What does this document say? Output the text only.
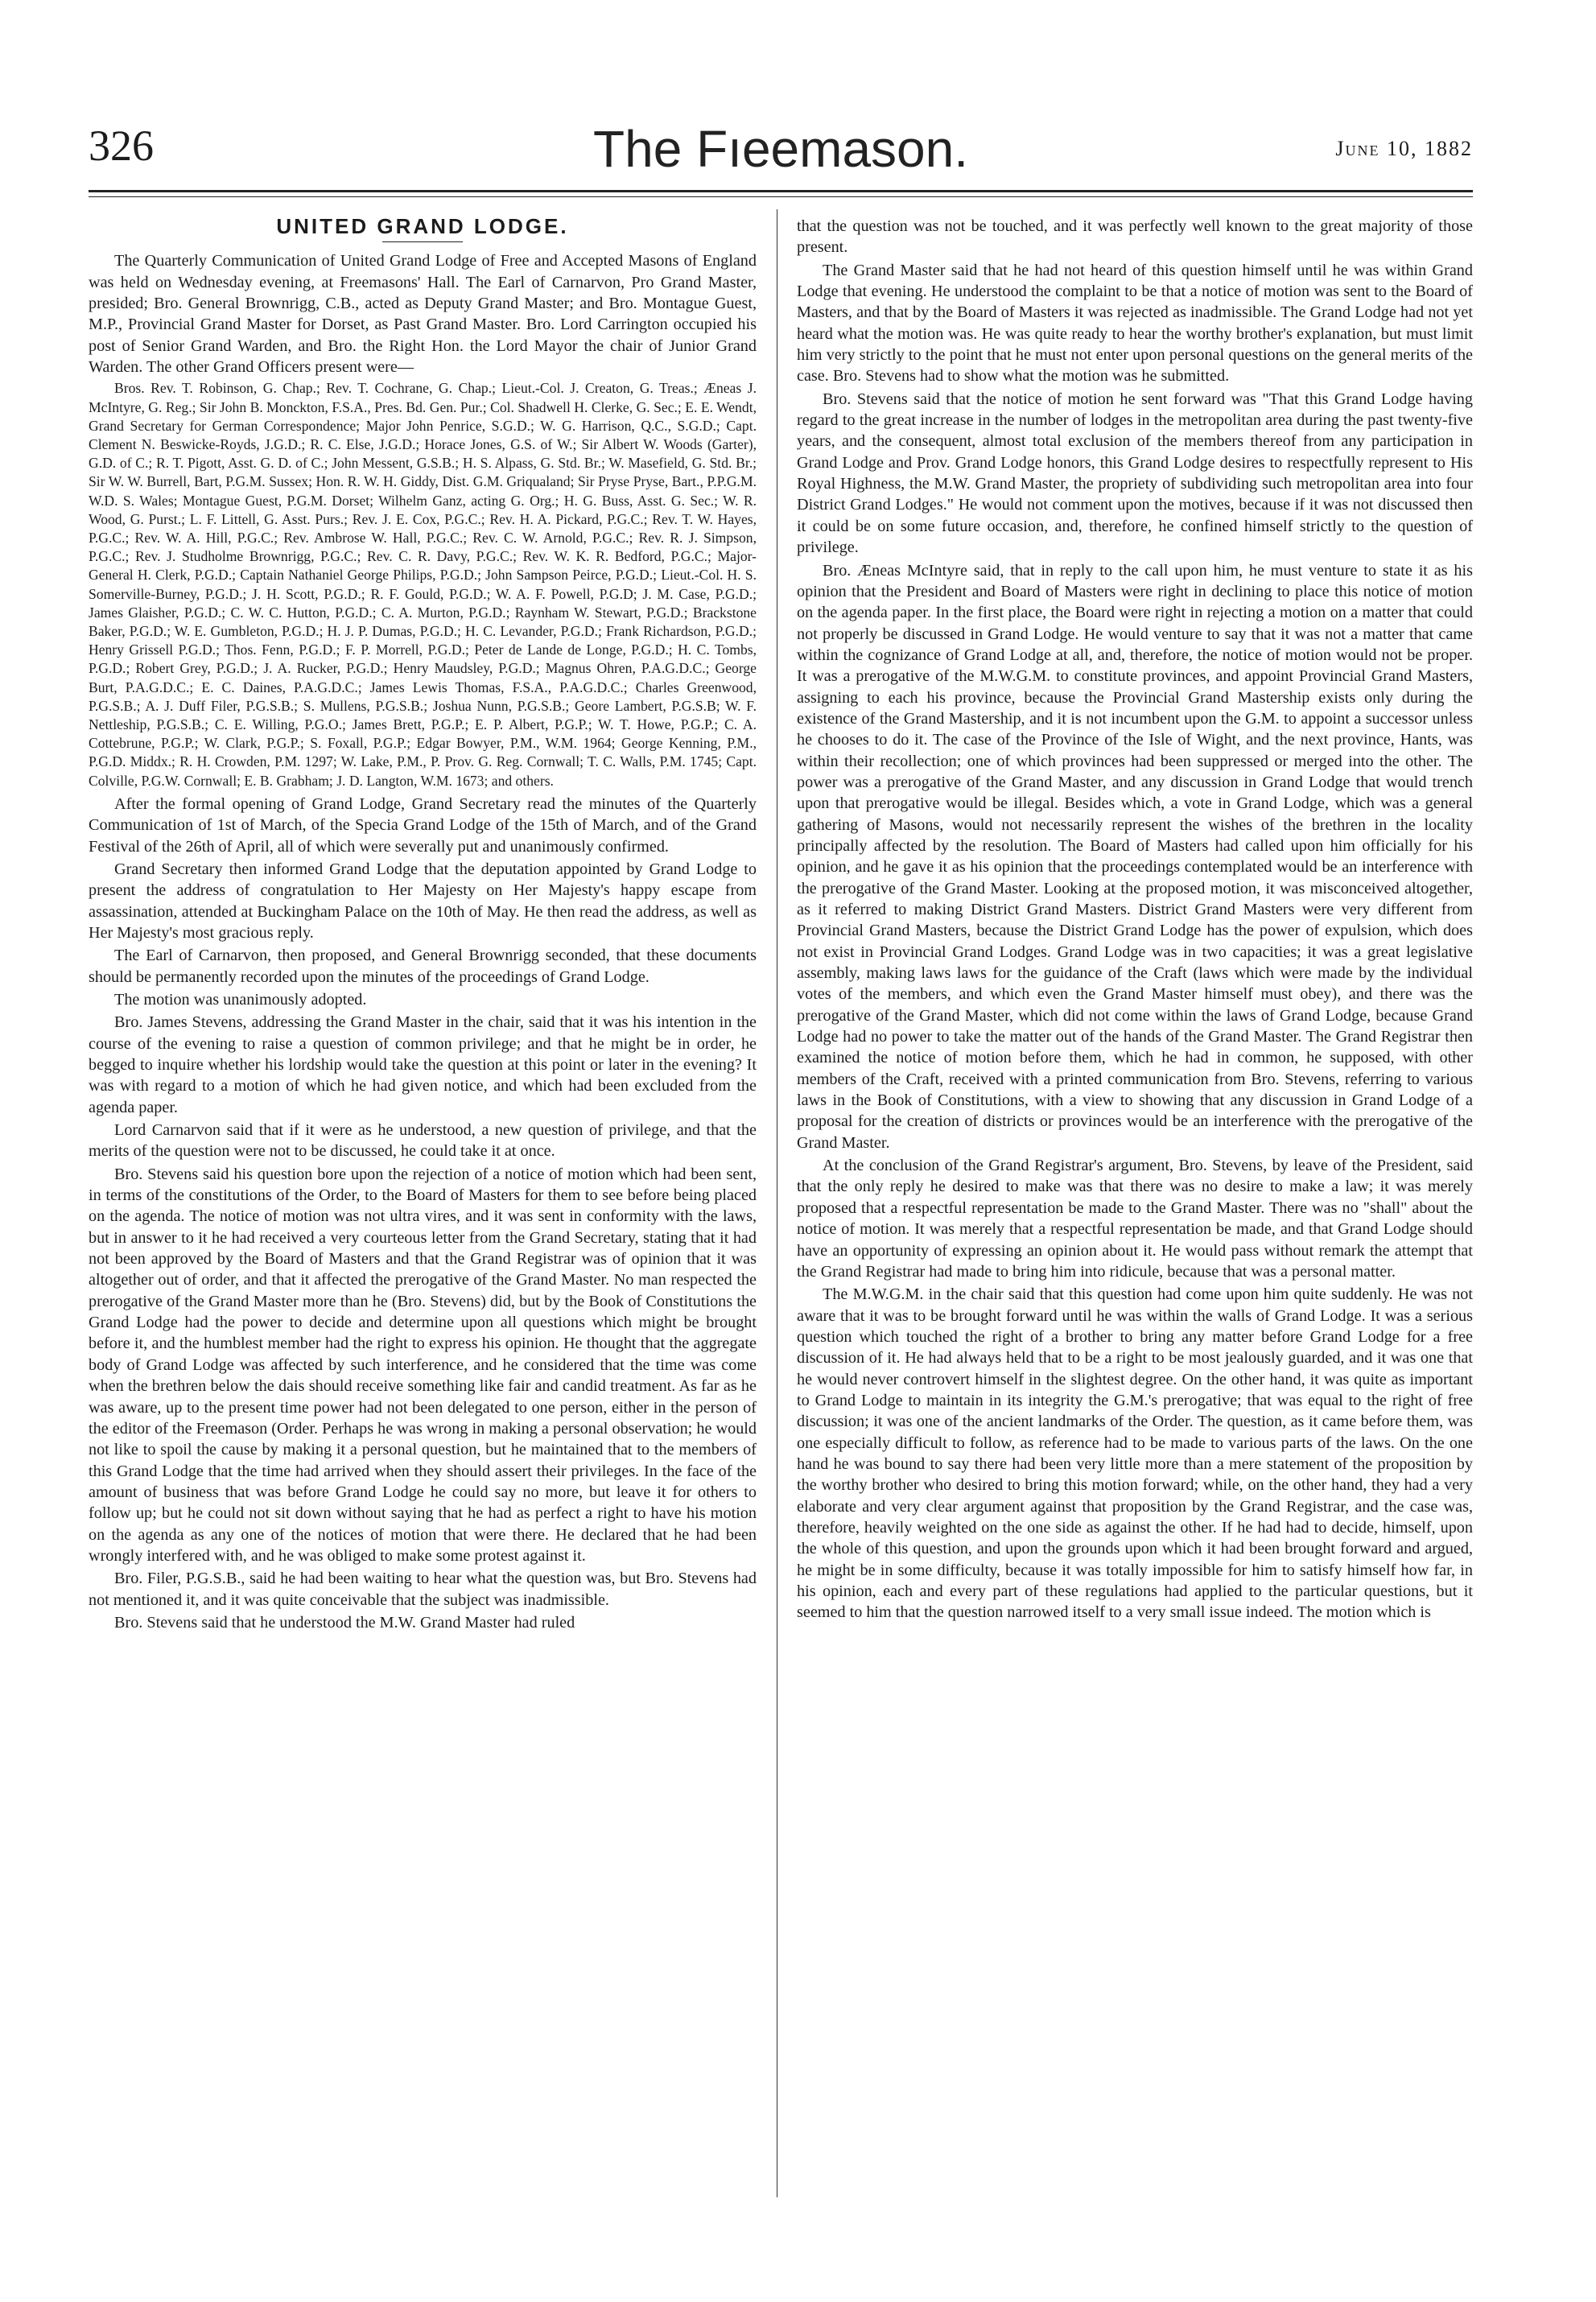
326	The Fıeemason.	June 10, 1882
UNITED GRAND LODGE.

The Quarterly Communication of United Grand Lodge of Free and Accepted Masons of England was held on Wednesday evening, at Freemasons' Hall. The Earl of Carnarvon, Pro Grand Master, presided; Bro. General Brownrigg, C.B., acted as Deputy Grand Master; and Bro. Montague Guest, M.P., Provincial Grand Master for Dorset, as Past Grand Master. Bro. Lord Carrington occupied his post of Senior Grand Warden, and Bro. the Right Hon. the Lord Mayor the chair of Junior Grand Warden. The other Grand Officers present were—

Bros. Rev. T. Robinson, G. Chap.; Rev. T. Cochrane, G. Chap.; Lieut.-Col. J. Creaton, G. Treas.; Æneas J. McIntyre, G. Reg.; Sir John B. Monckton, F.S.A., Pres. Bd. Gen. Pur.; Col. Shadwell H. Clerke, G. Sec.; E. E. Wendt, Grand Secretary for German Correspondence; Major John Penrice, S.G.D.; W. G. Harrison, Q.C., S.G.D.; Capt. Clement N. Beswicke-Royds, J.G.D.; R. C. Else, J.G.D.; Horace Jones, G.S. of W.; Sir Albert W. Woods (Garter), G.D. of C.; R. T. Pigott, Asst. G. D. of C.; John Messent, G.S.B.; H. S. Alpass, G. Std. Br.; W. Masefield, G. Std. Br.; Sir W. W. Burrell, Bart, P.G.M. Sussex; Hon. R. W. H. Giddy, Dist. G.M. Griqualand; Sir Pryse Pryse, Bart., P.P.G.M. W.D. S. Wales; Montague Guest, P.G.M. Dorset; Wilhelm Ganz, acting G. Org.; H. G. Buss, Asst. G. Sec.; W. R. Wood, G. Purst.; L. F. Littell, G. Asst. Purs.; Rev. J. E. Cox, P.G.C.; Rev. H. A. Pickard, P.G.C.; Rev. T. W. Hayes, P.G.C.; Rev. W. A. Hill, P.G.C.; Rev. Ambrose W. Hall, P.G.C.; Rev. C. W. Arnold, P.G.C.; Rev. R. J. Simpson, P.G.C.; Rev. J. Studholme Brownrigg, P.G.C.; Rev. C. R. Davy, P.G.C.; Rev. W. K. R. Bedford, P.G.C.; Major-General H. Clerk, P.G.D.; Captain Nathaniel George Philips, P.G.D.; John Sampson Peirce, P.G.D.; Lieut.-Col. H. S. Somerville-Burney, P.G.D.; J. H. Scott, P.G.D.; R. F. Gould, P.G.D.; W. A. F. Powell, P.G.D; J. M. Case, P.G.D.; James Glaisher, P.G.D.; C. W. C. Hutton, P.G.D.; C. A. Murton, P.G.D.; Raynham W. Stewart, P.G.D.; Brackstone Baker, P.G.D.; W. E. Gumbleton, P.G.D.; H. J. P. Dumas, P.G.D.; H. C. Levander, P.G.D.; Frank Richardson, P.G.D.; Henry Grissell P.G.D.; Thos. Fenn, P.G.D.; F. P. Morrell, P.G.D.; Peter de Lande de Longe, P.G.D.; H. C. Tombs, P.G.D.; Robert Grey, P.G.D.; J. A. Rucker, P.G.D.; Henry Maudsley, P.G.D.; Magnus Ohren, P.A.G.D.C.; George Burt, P.A.G.D.C.; E. C. Daines, P.A.G.D.C.; James Lewis Thomas, F.S.A., P.A.G.D.C.; Charles Greenwood, P.G.S.B.; A. J. Duff Filer, P.G.S.B.; S. Mullens, P.G.S.B.; Joshua Nunn, P.G.S.B.; Geore Lambert, P.G.S.B; W. F. Nettleship, P.G.S.B.; C. E. Willing, P.G.O.; James Brett, P.G.P.; E. P. Albert, P.G.P.; W. T. Howe, P.G.P.; C. A. Cottebrune, P.G.P.; W. Clark, P.G.P.; S. Foxall, P.G.P.; Edgar Bowyer, P.M., W.M. 1964; George Kenning, P.M., P.G.D. Middx.; R. H. Crowden, P.M. 1297; W. Lake, P.M., P. Prov. G. Reg. Cornwall; T. C. Walls, P.M. 1745; Capt. Colville, P.G.W. Cornwall; E. B. Grabham; J. D. Langton, W.M. 1673; and others.

After the formal opening of Grand Lodge, Grand Secretary read the minutes of the Quarterly Communication of 1st of March, of the Specia Grand Lodge of the 15th of March, and of the Grand Festival of the 26th of April, all of which were severally put and unanimously confirmed.

Grand Secretary then informed Grand Lodge that the deputation appointed by Grand Lodge to present the address of congratulation to Her Majesty on Her Majesty's happy escape from assassination, attended at Buckingham Palace on the 10th of May. He then read the address, as well as Her Majesty's most gracious reply.

The Earl of Carnarvon, then proposed, and General Brownrigg seconded, that these documents should be permanently recorded upon the minutes of the proceedings of Grand Lodge.

The motion was unanimously adopted.

Bro. James Stevens, addressing the Grand Master in the chair, said that it was his intention in the course of the evening to raise a question of common privilege; and that he might be in order, he begged to inquire whether his lordship would take the question at this point or later in the evening? It was with regard to a motion of which he had given notice, and which had been excluded from the agenda paper.

Lord Carnarvon said that if it were as he understood, a new question of privilege, and that the merits of the question were not to be discussed, he could take it at once.

Bro. Stevens said his question bore upon the rejection of a notice of motion which had been sent, in terms of the constitutions of the Order, to the Board of Masters for them to see before being placed on the agenda. The notice of motion was not ultra vires, and it was sent in conformity with the laws, but in answer to it he had received a very courteous letter from the Grand Secretary, stating that it had not been approved by the Board of Masters and that the Grand Registrar was of opinion that it was altogether out of order, and that it affected the prerogative of the Grand Master. No man respected the prerogative of the Grand Master more than he (Bro. Stevens) did, but by the Book of Constitutions the Grand Lodge had the power to decide and determine upon all questions which might be brought before it, and the humblest member had the right to express his opinion. He thought that the aggregate body of Grand Lodge was affected by such interference, and he considered that the time was come when the brethren below the dais should receive something like fair and candid treatment. As far as he was aware, up to the present time power had not been delegated to one person, either in the person of the editor of the Freemason (Order. Perhaps he was wrong in making a personal observation; he would not like to spoil the cause by making it a personal question, but he maintained that to the members of this Grand Lodge that the time had arrived when they should assert their privileges. In the face of the amount of business that was before Grand Lodge he could say no more, but leave it for others to follow up; but he could not sit down without saying that he had as perfect a right to have his motion on the agenda as any one of the notices of motion that were there. He declared that he had been wrongly interfered with, and he was obliged to make some protest against it.

Bro. Filer, P.G.S.B., said he had been waiting to hear what the question was, but Bro. Stevens had not mentioned it, and it was quite conceivable that the subject was inadmissible.

Bro. Stevens said that he understood the M.W. Grand Master had ruled

that the question was not be touched, and it was perfectly well known to the great majority of those present.

The Grand Master said that he had not heard of this question himself until he was within Grand Lodge that evening. He understood the complaint to be that a notice of motion was sent to the Board of Masters, and that by the Board of Masters it was rejected as inadmissible. The Grand Lodge had not yet heard what the motion was. He was quite ready to hear the worthy brother's explanation, but must limit him very strictly to the point that he must not enter upon personal questions on the general merits of the case. Bro. Stevens had to show what the motion was he submitted.

Bro. Stevens said that the notice of motion he sent forward was "That this Grand Lodge having regard to the great increase in the number of lodges in the metropolitan area during the past twenty-five years, and the consequent, almost total exclusion of the members thereof from any participation in Grand Lodge and Prov. Grand Lodge honors, this Grand Lodge desires to respectfully represent to His Royal Highness, the M.W. Grand Master, the propriety of subdividing such metropolitan area into four District Grand Lodges." He would not comment upon the motives, because if it was not discussed then it could be on some future occasion, and, therefore, he confined himself strictly to the question of privilege.

Bro. Æneas McIntyre said, that in reply to the call upon him, he must venture to state it as his opinion that the President and Board of Masters were right in declining to place this notice of motion on the agenda paper. In the first place, the Board were right in rejecting a motion on a matter that could not properly be discussed in Grand Lodge. He would venture to say that it was not a matter that came within the cognizance of Grand Lodge at all, and, therefore, the notice of motion would not be proper. It was a prerogative of the M.W.G.M. to constitute provinces, and appoint Provincial Grand Masters, assigning to each his province, because the Provincial Grand Mastership exists only during the existence of the Grand Mastership, and it is not incumbent upon the G.M. to appoint a successor unless he chooses to do it. The case of the Province of the Isle of Wight, and the next province, Hants, was within their recollection; one of which provinces had been suppressed or merged into the other. The power was a prerogative of the Grand Master, and any discussion in Grand Lodge that would trench upon that prerogative would be illegal. Besides which, a vote in Grand Lodge, which was a general gathering of Masons, would not necessarily represent the wishes of the brethren in the locality principally affected by the resolution. The Board of Masters had called upon him officially for his opinion, and he gave it as his opinion that the proceedings contemplated would be an interference with the prerogative of the Grand Master. Looking at the proposed motion, it was misconceived altogether, as it referred to making District Grand Masters. District Grand Masters were very different from Provincial Grand Masters, because the District Grand Lodge has the power of expulsion, which does not exist in Provincial Grand Lodges. Grand Lodge was in two capacities; it was a great legislative assembly, making laws laws for the guidance of the Craft (laws which were made by the individual votes of the members, and which even the Grand Master himself must obey), and there was the prerogative of the Grand Master, which did not come within the laws of Grand Lodge, because Grand Lodge had no power to take the matter out of the hands of the Grand Master. The Grand Registrar then examined the notice of motion before them, which he had in common, he supposed, with other members of the Craft, received with a printed communication from Bro. Stevens, referring to various laws in the Book of Constitutions, with a view to showing that any discussion in Grand Lodge of a proposal for the creation of districts or provinces would be an interference with the prerogative of the Grand Master.

At the conclusion of the Grand Registrar's argument, Bro. Stevens, by leave of the President, said that the only reply he desired to make was that there was no desire to make a law; it was merely proposed that a respectful representation be made to the Grand Master. There was no "shall" about the notice of motion. It was merely that a respectful representation be made, and that Grand Lodge should have an opportunity of expressing an opinion about it. He would pass without remark the attempt that the Grand Registrar had made to bring him into ridicule, because that was a personal matter.

The M.W.G.M. in the chair said that this question had come upon him quite suddenly. He was not aware that it was to be brought forward until he was within the walls of Grand Lodge. It was a serious question which touched the right of a brother to bring any matter before Grand Lodge for a free discussion of it. He had always held that to be a right to be most jealously guarded, and it was one that he would never controvert himself in the slightest degree. On the other hand, it was quite as important to Grand Lodge to maintain in its integrity the G.M.'s prerogative; that was equal to the right of free discussion; it was one of the ancient landmarks of the Order. The question, as it came before them, was one especially difficult to follow, as reference had to be made to various parts of the laws. On the one hand he was bound to say there had been very little more than a mere statement of the proposition by the worthy brother who desired to bring this motion forward; while, on the other hand, they had a very elaborate and very clear argument against that proposition by the Grand Registrar, and the case was, therefore, heavily weighted on the one side as against the other. If he had had to decide, himself, upon the whole of this question, and upon the grounds upon which it had been brought forward and argued, he might be in some difficulty, because it was totally impossible for him to satisfy himself how far, in his opinion, each and every part of these regulations had applied to the particular questions, but it seemed to him that the question narrowed itself to a very small issue indeed. The motion which is
